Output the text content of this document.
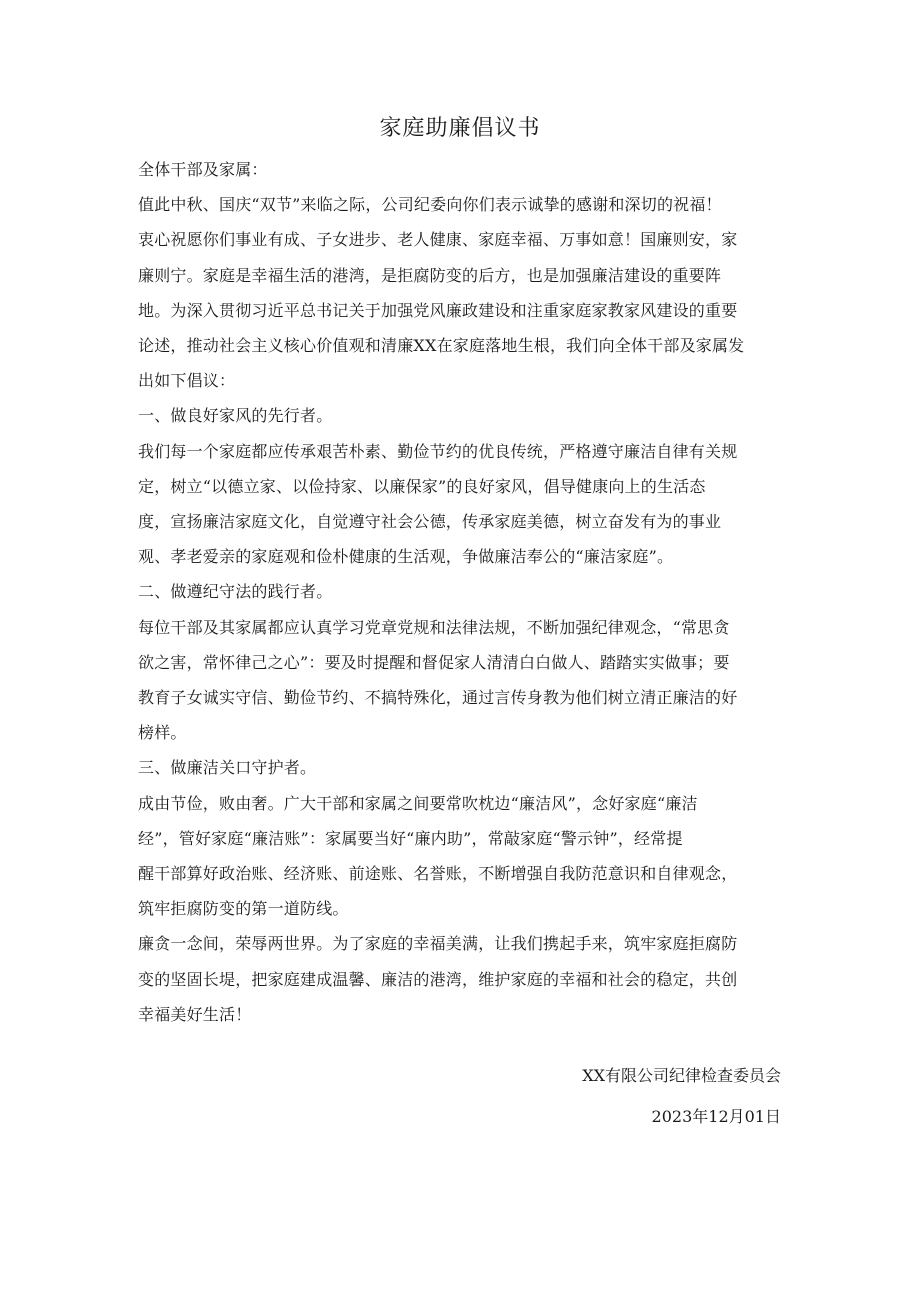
家庭助廉倡议书
全体干部及家属：
值此中秋、国庆“双节”来临之际，公司纪委向你们表示诚挚的感谢和深切的祝福！
衷心祝愿你们事业有成、子女进步、老人健康、家庭幸福、万事如意！国廉则安，家
廉则宁。家庭是幸福生活的港湾，是拒腐防变的后方，也是加强廉洁建设的重要阵
地。为深入贯彻习近平总书记关于加强党风廉政建设和注重家庭家教家风建设的重要
论述，推动社会主义核心价值观和清廉XX在家庭落地生根，我们向全体干部及家属发
出如下倡议：
一、做良好家风的先行者。
我们每一个家庭都应传承艰苦朴素、勤俭节约的优良传统，严格遵守廉洁自律有关规
定，树立“以德立家、以俭持家、以廉保家”的良好家风，倡导健康向上的生活态
度，宣扬廉洁家庭文化，自觉遵守社会公德，传承家庭美德，树立奋发有为的事业
观、孝老爱亲的家庭观和俭朴健康的生活观，争做廉洁奉公的“廉洁家庭”。
二、做遵纪守法的践行者。
每位干部及其家属都应认真学习党章党规和法律法规，不断加强纪律观念，“常思贪
欲之害，常怀律己之心”：要及时提醒和督促家人清清白白做人、踏踏实实做事；要
教育子女诚实守信、勤俭节约、不搞特殊化，通过言传身教为他们树立清正廉洁的好
榜样。
三、做廉洁关口守护者。
成由节俭，败由奢。广大干部和家属之间要常吹枕边“廉洁风”，念好家庭“廉洁
经”，管好家庭“廉洁账”：家属要当好“廉内助”，常敲家庭“警示钟”，经常提
醒干部算好政治账、经济账、前途账、名誉账，不断增强自我防范意识和自律观念，
筑牢拒腐防变的第一道防线。
廉贪一念间，荣辱两世界。为了家庭的幸福美满，让我们携起手来，筑牢家庭拒腐防
变的坚固长堤，把家庭建成温馨、廉洁的港湾，维护家庭的幸福和社会的稳定，共创
幸福美好生活！
XX有限公司纪律检查委员会
2023年12月01日
